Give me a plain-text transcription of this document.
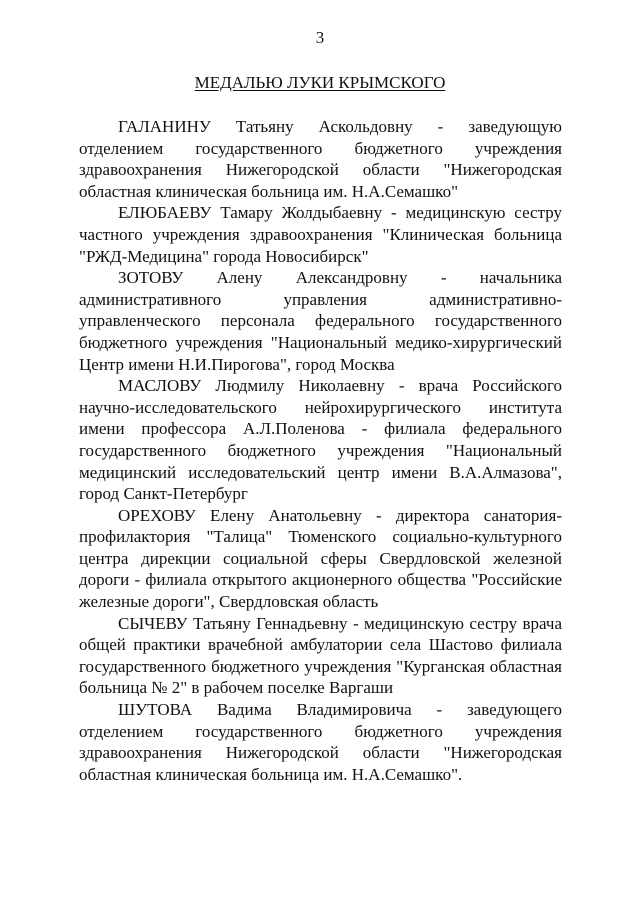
3
МЕДАЛЬЮ ЛУКИ КРЫМСКОГО

ГАЛАНИНУ Татьяну Аскольдовну - заведующую отделением государственного бюджетного учреждения здравоохранения Нижегородской области "Нижегородская областная клиническая больница им. Н.А.Семашко"

ЕЛЮБАЕВУ Тамару Жолдыбаевну - медицинскую сестру частного учреждения здравоохранения "Клиническая больница "РЖД-Медицина" города Новосибирск"

ЗОТОВУ Алену Александровну - начальника административного управления административно-управленческого персонала федерального государственного бюджетного учреждения "Национальный медико-хирургический Центр имени Н.И.Пирогова", город Москва

МАСЛОВУ Людмилу Николаевну - врача Российского научно-исследовательского нейрохирургического института имени профессора А.Л.Поленова - филиала федерального государственного бюджетного учреждения "Национальный медицинский исследовательский центр имени В.А.Алмазова", город Санкт-Петербург

ОРЕХОВУ Елену Анатольевну - директора санатория-профилактория "Талица" Тюменского социально-культурного центра дирекции социальной сферы Свердловской железной дороги - филиала открытого акционерного общества "Российские железные дороги", Свердловская область

СЫЧЕВУ Татьяну Геннадьевну - медицинскую сестру врача общей практики врачебной амбулатории села Шастово филиала государственного бюджетного учреждения "Курганская областная больница № 2" в рабочем поселке Варгаши

ШУТОВА Вадима Владимировича - заведующего отделением государственного бюджетного учреждения здравоохранения Нижегородской области "Нижегородская областная клиническая больница им. Н.А.Семашко".
